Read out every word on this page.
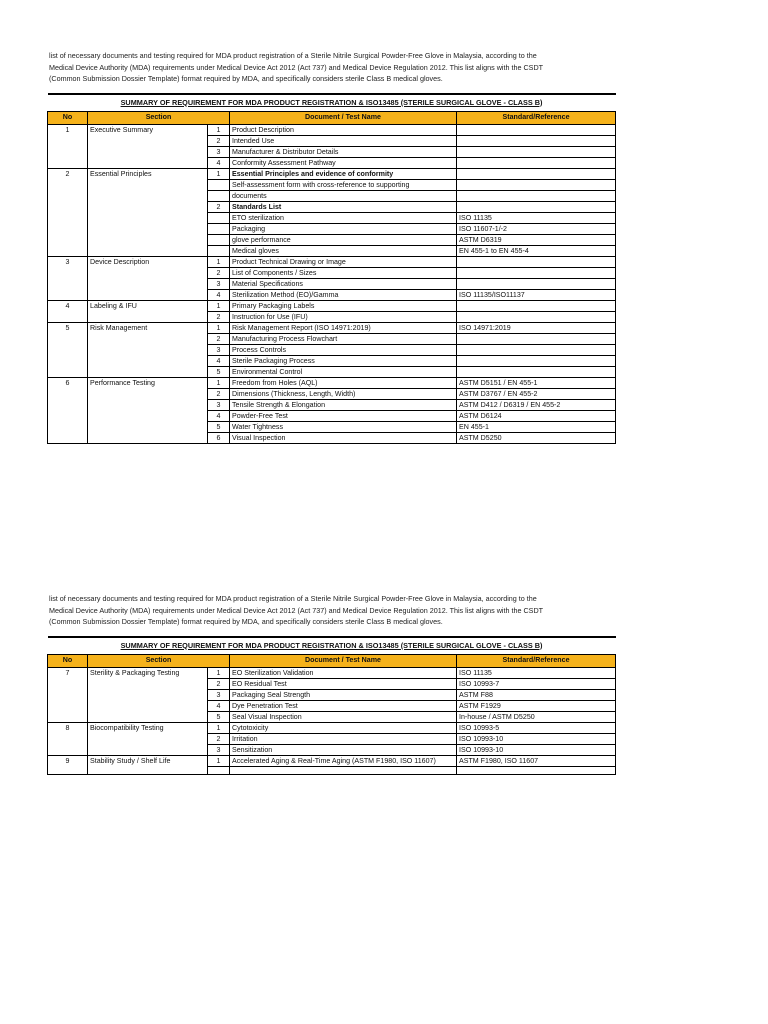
list of necessary documents and testing required for MDA product registration of a Sterile Nitrile Surgical Powder-Free Glove in Malaysia, according to the
Medical Device Authority (MDA) requirements under Medical Device Act 2012 (Act 737) and Medical Device Regulation 2012. This list aligns with the CSDT
(Common Submission Dossier Template) format required by MDA, and specifically considers sterile Class B medical gloves.

SUMMARY OF REQUIREMENT FOR MDA PRODUCT REGISTRATION & ISO13485 (STERILE SURGICAL GLOVE - CLASS B)				
No	Section		Document / Test Name	Standard/Reference
1	Executive Summary	1	Product Description	
		2	Intended Use	
		3	Manufacturer & Distributor Details	
		4	Conformity Assessment Pathway	
2	Essential Principles	1	Essential Principles and evidence of conformity	
			Self-assessment form with cross-reference to supporting	
			documents	
		2	Standards List	
			ETO sterilization	ISO 11135
			Packaging	ISO 11607-1/-2
			glove performance	ASTM D6319
			Medical gloves	EN 455-1 to EN 455-4
3	Device Description	1	Product Technical Drawing or Image	
		2	List of Components / Sizes	
		3	Material Specifications	
		4	Sterilization Method (EO)/Gamma	ISO 11135/ISO11137
4	Labeling & IFU	1	Primary Packaging Labels	
		2	Instruction for Use (IFU)	
5	Risk Management	1	Risk Management Report (ISO 14971:2019)	ISO 14971:2019
		2	Manufacturing Process Flowchart	
		3	Process Controls	
		4	Sterile Packaging Process	
		5	Environmental Control	
6	Performance Testing	1	Freedom from Holes (AQL)	ASTM D5151 / EN 455-1
		2	Dimensions (Thickness, Length, Width)	ASTM D3767 / EN 455-2
		3	Tensile Strength & Elongation	ASTM D412 / D6319 / EN 455-2
		4	Powder-Free Test	ASTM D6124
		5	Water Tightness	EN 455-1
		6	Visual Inspection	ASTM D5250

list of necessary documents and testing required for MDA product registration of a Sterile Nitrile Surgical Powder-Free Glove in Malaysia, according to the
Medical Device Authority (MDA) requirements under Medical Device Act 2012 (Act 737) and Medical Device Regulation 2012. This list aligns with the CSDT
(Common Submission Dossier Template) format required by MDA, and specifically considers sterile Class B medical gloves.

SUMMARY OF REQUIREMENT FOR MDA PRODUCT REGISTRATION & ISO13485 (STERILE SURGICAL GLOVE - CLASS B)				
No	Section		Document / Test Name	Standard/Reference
7	Sterility & Packaging Testing	1	EO Sterilization Validation	ISO 11135
		2	EO Residual Test	ISO 10993-7
		3	Packaging Seal Strength	ASTM F88
		4	Dye Penetration Test	ASTM F1929
		5	Seal Visual Inspection	In-house / ASTM D5250
8	Biocompatibility Testing	1	Cytotoxicity	ISO 10993-5
		2	Irritation	ISO 10993-10
		3	Sensitization	ISO 10993-10
9	Stability Study / Shelf Life	1	Accelerated Aging & Real-Time Aging (ASTM F1980, ISO 11607)	ASTM F1980, ISO 11607
